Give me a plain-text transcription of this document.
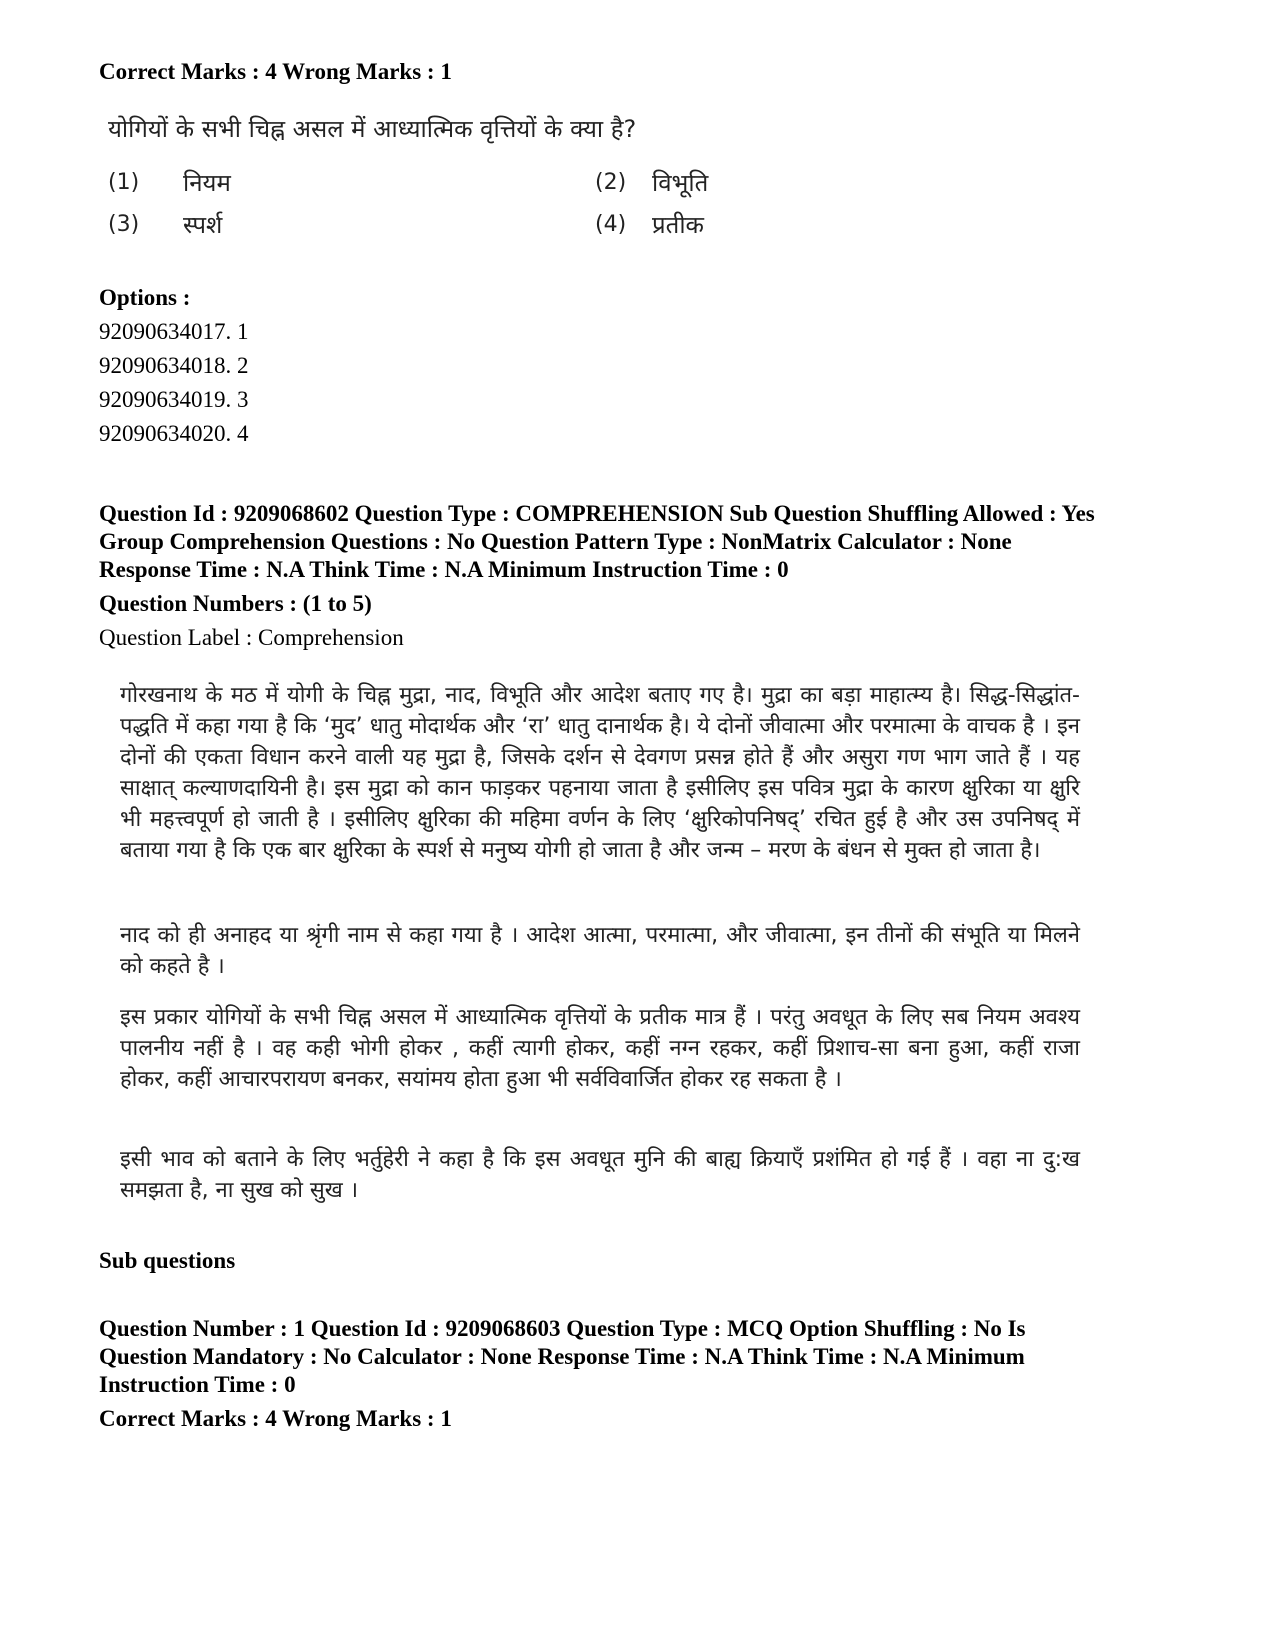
Correct Marks : 4 Wrong Marks : 1
योगियों के सभी चिह्न असल में आध्यात्मिक वृत्तियों के क्या है?
(1) नियम	(2) विभूति
(3) स्पर्श	(4) प्रतीक
Options :
92090634017. 1
92090634018. 2
92090634019. 3
92090634020. 4
Question Id : 9209068602 Question Type : COMPREHENSION Sub Question Shuffling Allowed : Yes
Group Comprehension Questions : No Question Pattern Type : NonMatrix Calculator : None
Response Time : N.A Think Time : N.A Minimum Instruction Time : 0
Question Numbers : (1 to 5)
Question Label : Comprehension

गोरखनाथ के मठ में योगी के चिह्न मुद्रा, नाद, विभूति और आदेश बताए गए है। मुद्रा का बड़ा माहात्म्य है। सिद्ध-सिद्धांत-पद्धति में कहा गया है कि ‘मुद’ धातु मोदार्थक और ‘रा’ धातु दानार्थक है। ये दोनों जीवात्मा और परमात्मा के वाचक है । इन दोनों की एकता विधान करने वाली यह मुद्रा है, जिसके दर्शन से देवगण प्रसन्न होते हैं और असुरा गण भाग जाते हैं । यह साक्षात् कल्याणदायिनी है। इस मुद्रा को कान फाड़कर पहनाया जाता है इसीलिए इस पवित्र मुद्रा के कारण क्षुरिका या क्षुरि भी महत्त्वपूर्ण हो जाती है । इसीलिए क्षुरिका की महिमा वर्णन के लिए ‘क्षुरिकोपनिषद्’ रचित हुई है और उस उपनिषद् में बताया गया है कि एक बार क्षुरिका के स्पर्श से मनुष्य योगी हो जाता है और जन्म – मरण के बंधन से मुक्त हो जाता है।

नाद को ही अनाहद या श्रृंगी नाम से कहा गया है । आदेश आत्मा, परमात्मा, और जीवात्मा, इन तीनों की संभूति या मिलने को कहते है ।

इस प्रकार योगियों के सभी चिह्न असल में आध्यात्मिक वृत्तियों के प्रतीक मात्र हैं । परंतु अवधूत के लिए सब नियम अवश्य पालनीय नहीं है । वह कही भोगी होकर , कहीं त्यागी होकर, कहीं नग्न रहकर, कहीं प्रिशाच-सा बना हुआ, कहीं राजा होकर, कहीं आचारपरायण बनकर, सयांमय होता हुआ भी सर्वविवार्जित होकर रह सकता है ।

इसी भाव को बताने के लिए भर्तुहेरी ने कहा है कि इस अवधूत मुनि की बाह्य क्रियाएँ प्रशंमित हो गई हैं । वहा ना दु:ख समझता है, ना सुख को सुख ।

Sub questions
Question Number : 1 Question Id : 9209068603 Question Type : MCQ Option Shuffling : No Is
Question Mandatory : No Calculator : None Response Time : N.A Think Time : N.A Minimum
Instruction Time : 0
Correct Marks : 4 Wrong Marks : 1
